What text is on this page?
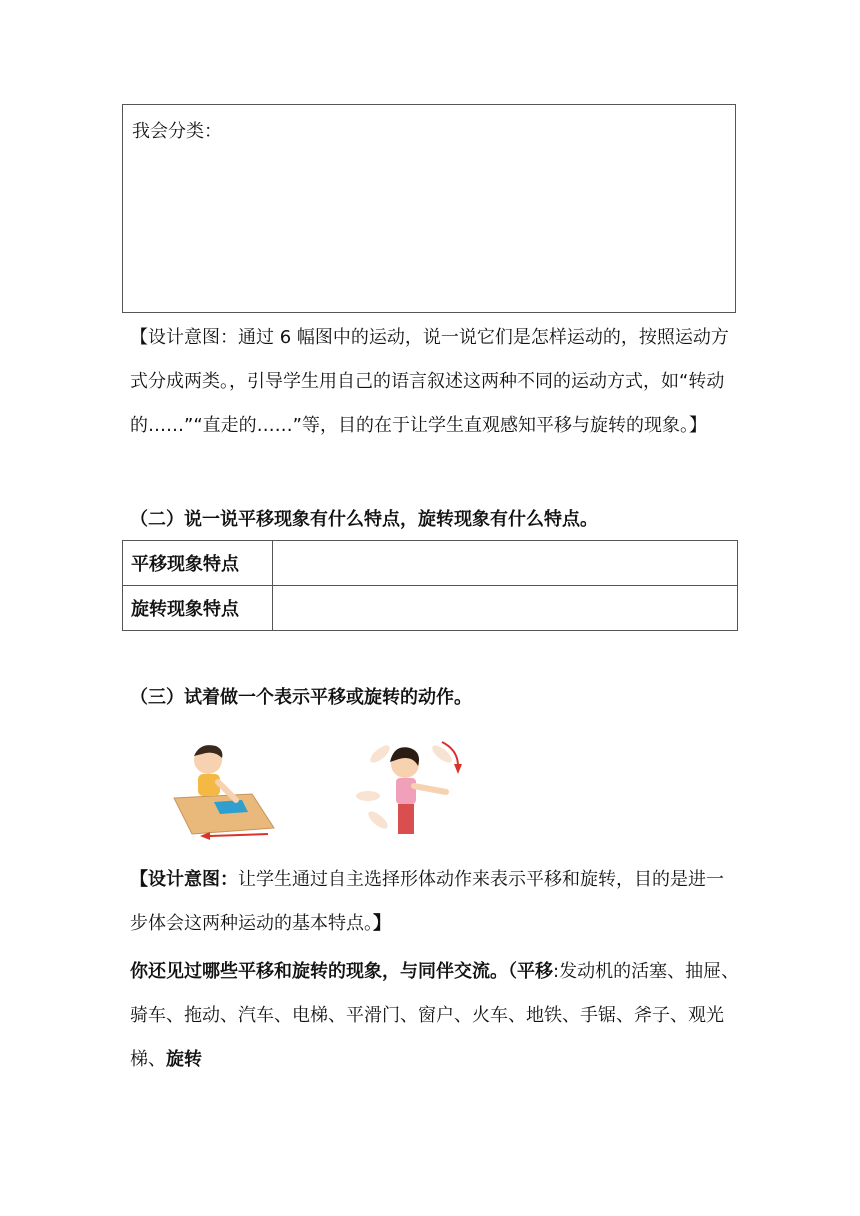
我会分类：

【设计意图：通过 6 幅图中的运动，说一说它们是怎样运动的，按照运动方式分成两类。，引导学生用自己的语言叙述这两种不同的运动方式，如“转动的……”“直走的……”等，目的在于让学生直观感知平移与旋转的现象。】

（二）说一说平移现象有什么特点，旋转现象有什么特点。
平移现象特点	
旋转现象特点	
（三）试着做一个表示平移或旋转的动作。

【设计意图：让学生通过自主选择形体动作来表示平移和旋转，目的是进一步体会这两种运动的基本特点。】

你还见过哪些平移和旋转的现象，与同伴交流。（平移:发动机的活塞、抽屉、骑车、拖动、汽车、电梯、平滑门、窗户、火车、地铁、手锯、斧子、观光梯、旋转
